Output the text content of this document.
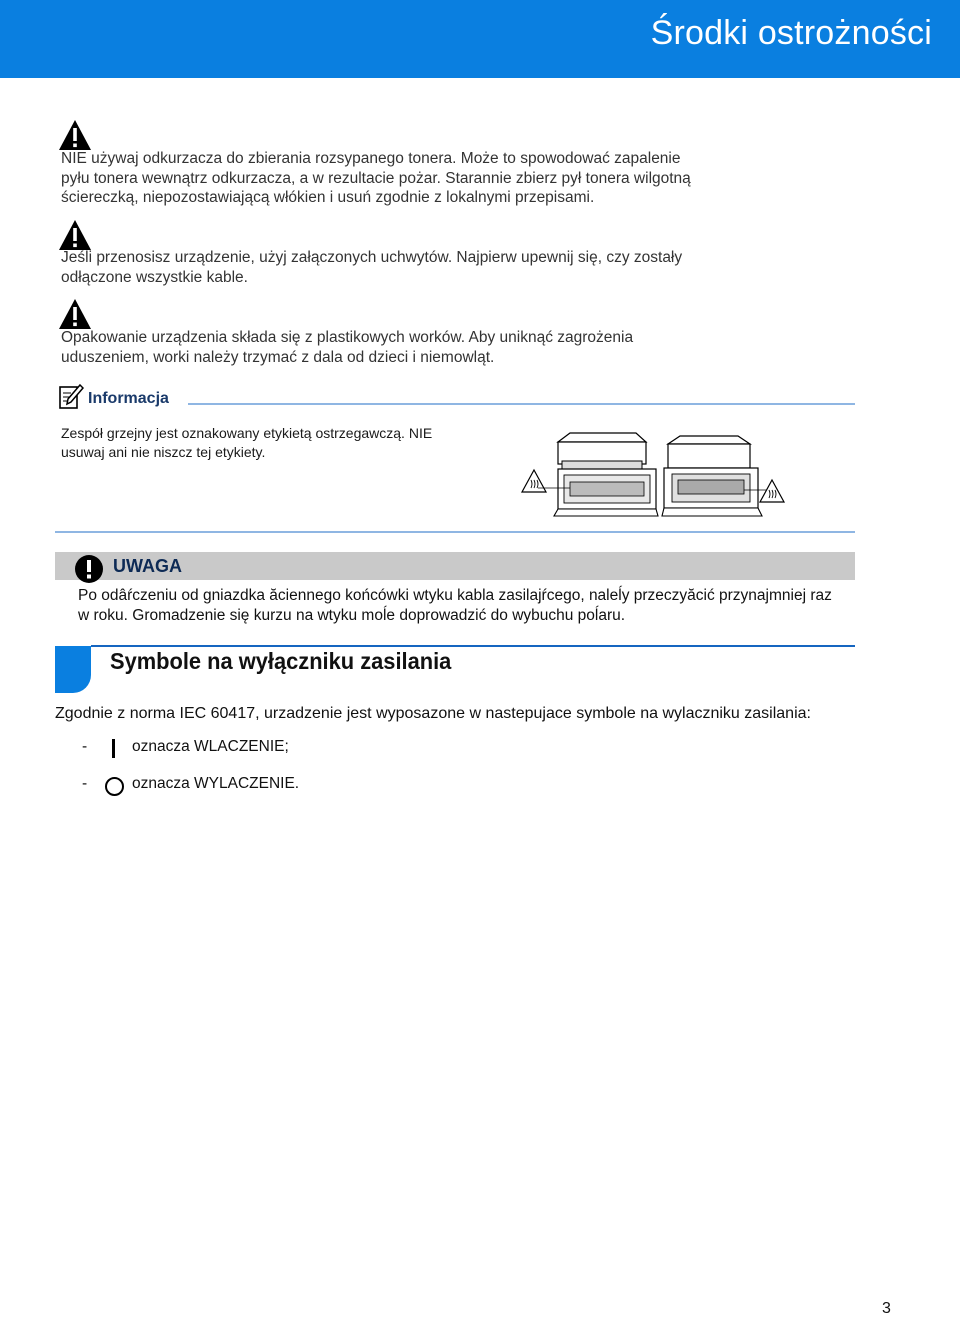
Środki ostrożności
NIE używaj odkurzacza do zbierania rozsypanego tonera. Może to spowodować zapalenie
pyłu tonera wewnątrz odkurzacza, a w rezultacie pożar. Starannie zbierz pył tonera wilgotną
ściereczką, niepozostawiającą włókien i usuń zgodnie z lokalnymi przepisami.
Jeśli przenosisz urządzenie, użyj załączonych uchwytów. Najpierw upewnij się, czy zostały
odłączone wszystkie kable.
Opakowanie urządzenia składa się z plastikowych worków. Aby uniknąć zagrożenia
uduszeniem, worki należy trzymać z dala od dzieci i niemowląt.
Informacja
Zespół grzejny jest oznakowany etykietą ostrzegawczą. NIE
usuwaj ani nie niszcz tej etykiety.
UWAGA
Po odâŕczeniu od gniazdka ăciennego końcówki wtyku kabla zasilajŕcego, naleĺy przeczyăcić przynajmniej raz
w roku. Gromadzenie się kurzu na wtyku moĺe doprowadzić do wybuchu poĺaru.
Symbole na wyłączniku zasilania
Zgodnie z norma IEC 60417, urzadzenie jest wyposazone w nastepujace symbole na wylaczniku zasilania:
-	oznacza WLACZENIE;
-	oznacza WYLACZENIE.
3
